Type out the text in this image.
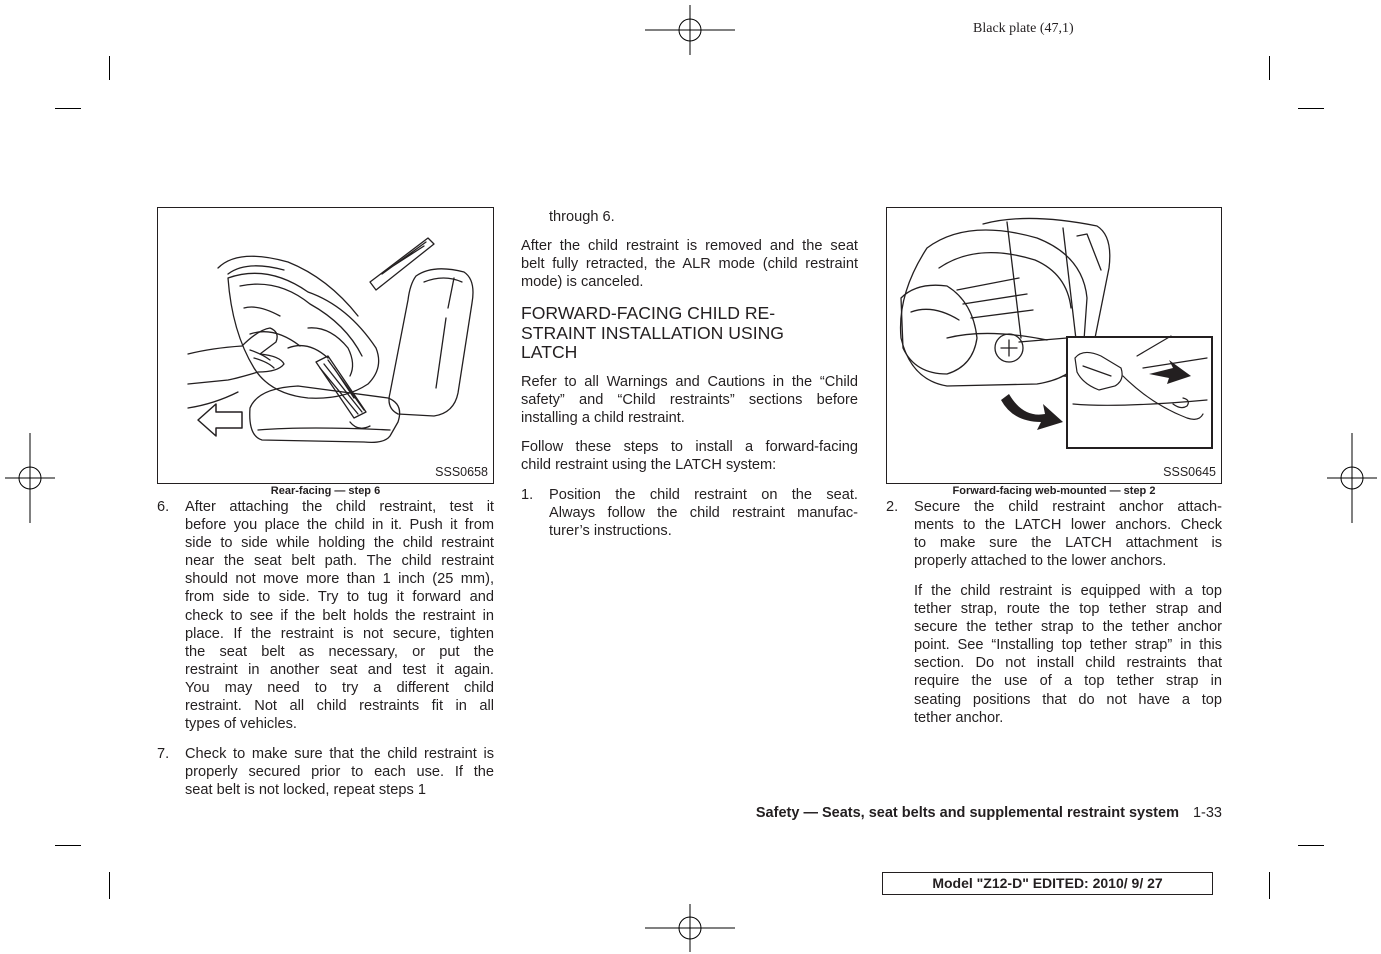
Black plate (47,1)
SSS0658
Rear-facing — step 6
SSS0645
Forward-facing web-mounted — step 2
6. After attaching the child restraint, test it
before you place the child in it. Push it from
side to side while holding the child restraint
near the seat belt path. The child restraint
should not move more than 1 inch (25 mm),
from side to side. Try to tug it forward and
check to see if the belt holds the restraint in
place. If the restraint is not secure, tighten
the seat belt as necessary, or put the
restraint in another seat and test it again.
You may need to try a different child
restraint. Not all child restraints fit in all
types of vehicles.
7. Check to make sure that the child restraint is
properly secured prior to each use. If the
seat belt is not locked, repeat steps 1
through 6.
After the child restraint is removed and the seat
belt fully retracted, the ALR mode (child restraint
mode) is canceled.
FORWARD-FACING CHILD RE-
STRAINT INSTALLATION USING
LATCH
Refer to all Warnings and Cautions in the “Child
safety” and “Child restraints” sections before
installing a child restraint.
Follow these steps to install a forward-facing
child restraint using the LATCH system:
1. Position the child restraint on the seat.
Always follow the child restraint manufac-
turer’s instructions.
2. Secure the child restraint anchor attach-
ments to the LATCH lower anchors. Check
to make sure the LATCH attachment is
properly attached to the lower anchors.
If the child restraint is equipped with a top
tether strap, route the top tether strap and
secure the tether strap to the tether anchor
point. See “Installing top tether strap” in this
section. Do not install child restraints that
require the use of a top tether strap in
seating positions that do not have a top
tether anchor.
Safety — Seats, seat belts and supplemental restraint system 1-33
Model "Z12-D" EDITED: 2010/ 9/ 27
